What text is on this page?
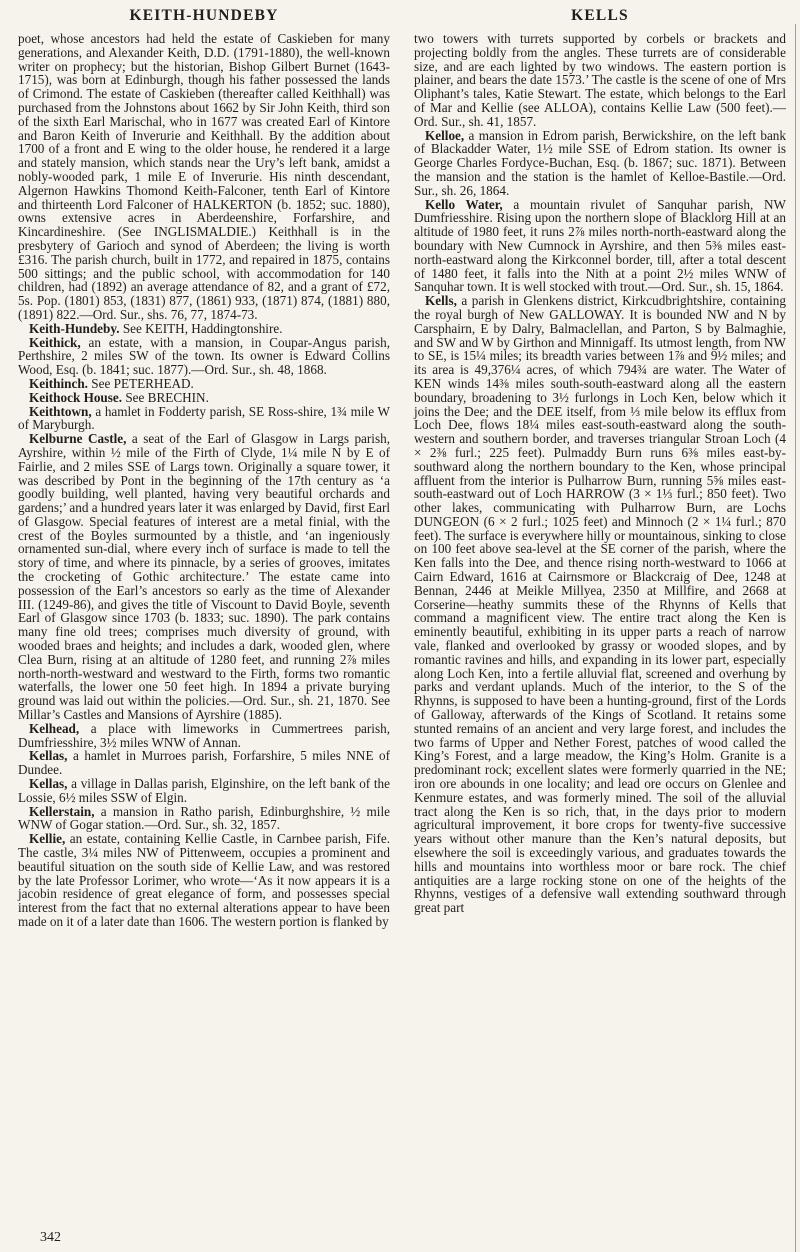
KEITH-HUNDEBY	KELLS

poet, whose ancestors had held the estate of Caskieben for many generations, and Alexander Keith, D.D. (1791-1880), the well-known writer on prophecy; but the historian, Bishop Gilbert Burnet (1643-1715), was born at Edinburgh, though his father possessed the lands of Crimond. The estate of Caskieben (thereafter called Keithhall) was purchased from the Johnstons about 1662 by Sir John Keith, third son of the sixth Earl Marischal, who in 1677 was created Earl of Kintore and Baron Keith of Inverurie and Keithhall. By the addition about 1700 of a front and E wing to the older house, he rendered it a large and stately mansion, which stands near the Ury’s left bank, amidst a nobly-wooded park, 1 mile E of Inverurie. His ninth descendant, Algernon Hawkins Thomond Keith-Falconer, tenth Earl of Kintore and thirteenth Lord Falconer of HALKERTON (b. 1852; suc. 1880), owns extensive acres in Aberdeenshire, Forfarshire, and Kincardineshire. (See INGLISMALDIE.) Keithhall is in the presbytery of Garioch and synod of Aberdeen; the living is worth £316. The parish church, built in 1772, and repaired in 1875, contains 500 sittings; and the public school, with accommodation for 140 children, had (1892) an average attendance of 82, and a grant of £72, 5s. Pop. (1801) 853, (1831) 877, (1861) 933, (1871) 874, (1881) 880, (1891) 822.—Ord. Sur., shs. 76, 77, 1874-73.

Keith-Hundeby. See KEITH, Haddingtonshire.

Keithick, an estate, with a mansion, in Coupar-Angus parish, Perthshire, 2 miles SW of the town. Its owner is Edward Collins Wood, Esq. (b. 1841; suc. 1877).—Ord. Sur., sh. 48, 1868.

Keithinch. See PETERHEAD.

Keithock House. See BRECHIN.

Keithtown, a hamlet in Fodderty parish, SE Ross-shire, 1¾ mile W of Maryburgh.

Kelburne Castle, a seat of the Earl of Glasgow in Largs parish, Ayrshire, within ½ mile of the Firth of Clyde, 1¼ mile N by E of Fairlie, and 2 miles SSE of Largs town. Originally a square tower, it was described by Pont in the beginning of the 17th century as ‘a goodly building, well planted, having very beautiful orchards and gardens;’ and a hundred years later it was enlarged by David, first Earl of Glasgow. Special features of interest are a metal finial, with the crest of the Boyles surmounted by a thistle, and ‘an ingeniously ornamented sun-dial, where every inch of surface is made to tell the story of time, and where its pinnacle, by a series of grooves, imitates the crocketing of Gothic architecture.’ The estate came into possession of the Earl’s ancestors so early as the time of Alexander III. (1249-86), and gives the title of Viscount to David Boyle, seventh Earl of Glasgow since 1703 (b. 1833; suc. 1890). The park contains many fine old trees; comprises much diversity of ground, with wooded braes and heights; and includes a dark, wooded glen, where Clea Burn, rising at an altitude of 1280 feet, and running 2⅞ miles north-north-westward and westward to the Firth, forms two romantic waterfalls, the lower one 50 feet high. In 1894 a private burying ground was laid out within the policies.—Ord. Sur., sh. 21, 1870. See Millar’s Castles and Mansions of Ayrshire (1885).

Kelhead, a place with limeworks in Cummertrees parish, Dumfriesshire, 3½ miles WNW of Annan.

Kellas, a hamlet in Murroes parish, Forfarshire, 5 miles NNE of Dundee.

Kellas, a village in Dallas parish, Elginshire, on the left bank of the Lossie, 6½ miles SSW of Elgin.

Kellerstain, a mansion in Ratho parish, Edinburghshire, ½ mile WNW of Gogar station.—Ord. Sur., sh. 32, 1857.

Kellie, an estate, containing Kellie Castle, in Carnbee parish, Fife. The castle, 3¼ miles NW of Pittenweem, occupies a prominent and beautiful situation on the south side of Kellie Law, and was restored by the late Professor Lorimer, who wrote—‘As it now appears it is a jacobin residence of great elegance of form, and possesses special interest from the fact that no external alterations appear to have been made on it of a later date than 1606. The western portion is flanked by

two towers with turrets supported by corbels or brackets and projecting boldly from the angles. These turrets are of considerable size, and are each lighted by two windows. The eastern portion is plainer, and bears the date 1573.’ The castle is the scene of one of Mrs Oliphant’s tales, Katie Stewart. The estate, which belongs to the Earl of Mar and Kellie (see ALLOA), contains Kellie Law (500 feet).—Ord. Sur., sh. 41, 1857.

Kelloe, a mansion in Edrom parish, Berwickshire, on the left bank of Blackadder Water, 1½ mile SSE of Edrom station. Its owner is George Charles Fordyce-Buchan, Esq. (b. 1867; suc. 1871). Between the mansion and the station is the hamlet of Kelloe-Bastile.—Ord. Sur., sh. 26, 1864.

Kello Water, a mountain rivulet of Sanquhar parish, NW Dumfriesshire. Rising upon the northern slope of Blacklorg Hill at an altitude of 1980 feet, it runs 2⅞ miles north-north-eastward along the boundary with New Cumnock in Ayrshire, and then 5⅜ miles east-north-eastward along the Kirkconnel border, till, after a total descent of 1480 feet, it falls into the Nith at a point 2½ miles WNW of Sanquhar town. It is well stocked with trout.—Ord. Sur., sh. 15, 1864.

Kells, a parish in Glenkens district, Kirkcudbrightshire, containing the royal burgh of New GALLOWAY. It is bounded NW and N by Carsphairn, E by Dalry, Balmaclellan, and Parton, S by Balmaghie, and SW and W by Girthon and Minnigaff. Its utmost length, from NW to SE, is 15¼ miles; its breadth varies between 1⅞ and 9½ miles; and its area is 49,376¼ acres, of which 794¾ are water. The Water of KEN winds 14⅜ miles south-south-eastward along all the eastern boundary, broadening to 3½ furlongs in Loch Ken, below which it joins the Dee; and the DEE itself, from ⅓ mile below its efflux from Loch Dee, flows 18¼ miles east-south-eastward along the south-western and southern border, and traverses triangular Stroan Loch (4 × 2⅜ furl.; 225 feet). Pulmaddy Burn runs 6⅜ miles east-by-southward along the northern boundary to the Ken, whose principal affluent from the interior is Pulharrow Burn, running 5⅝ miles east-south-eastward out of Loch HARROW (3 × 1⅓ furl.; 850 feet). Two other lakes, communicating with Pulharrow Burn, are Lochs DUNGEON (6 × 2 furl.; 1025 feet) and Minnoch (2 × 1¼ furl.; 870 feet). The surface is everywhere hilly or mountainous, sinking to close on 100 feet above sea-level at the SE corner of the parish, where the Ken falls into the Dee, and thence rising north-westward to 1066 at Cairn Edward, 1616 at Cairnsmore or Blackcraig of Dee, 1248 at Bennan, 2446 at Meikle Millyea, 2350 at Millfire, and 2668 at Corserine—heathy summits these of the Rhynns of Kells that command a magnificent view. The entire tract along the Ken is eminently beautiful, exhibiting in its upper parts a reach of narrow vale, flanked and overlooked by grassy or wooded slopes, and by romantic ravines and hills, and expanding in its lower part, especially along Loch Ken, into a fertile alluvial flat, screened and overhung by parks and verdant uplands. Much of the interior, to the S of the Rhynns, is supposed to have been a hunting-ground, first of the Lords of Galloway, afterwards of the Kings of Scotland. It retains some stunted remains of an ancient and very large forest, and includes the two farms of Upper and Nether Forest, patches of wood called the King’s Forest, and a large meadow, the King’s Holm. Granite is a predominant rock; excellent slates were formerly quarried in the NE; iron ore abounds in one locality; and lead ore occurs on Glenlee and Kenmure estates, and was formerly mined. The soil of the alluvial tract along the Ken is so rich, that, in the days prior to modern agricultural improvement, it bore crops for twenty-five successive years without other manure than the Ken’s natural deposits, but elsewhere the soil is exceedingly various, and graduates towards the hills and mountains into worthless moor or bare rock. The chief antiquities are a large rocking stone on one of the heights of the Rhynns, vestiges of a defensive wall extending southward through great part

342
